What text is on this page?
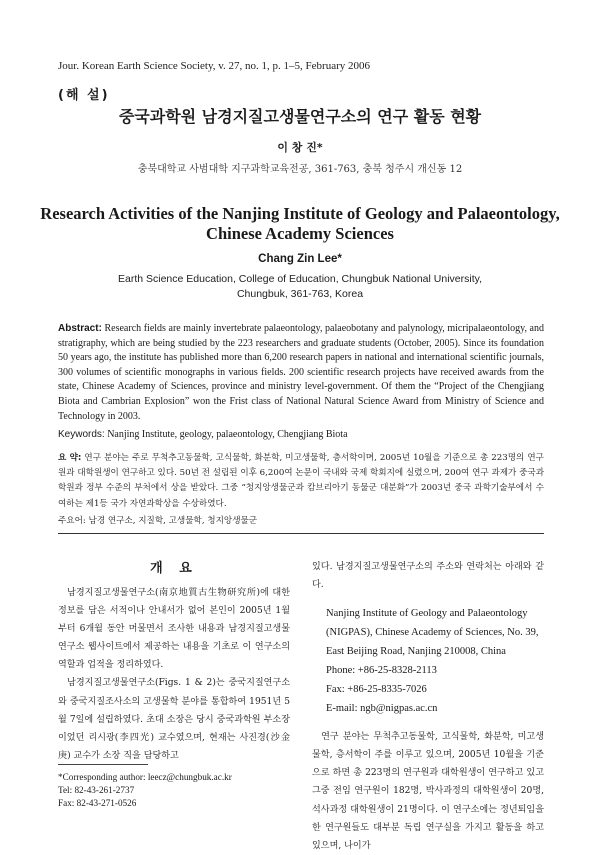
Jour. Korean Earth Science Society, v. 27, no. 1, p. 1–5, February 2006
(해 설)
중국과학원 남경지질고생물연구소의 연구 활동 현황
이 창 진*
충북대학교 사범대학 지구과학교육전공, 361-763, 충북 청주시 개신동 12
Research Activities of the Nanjing Institute of Geology and Palaeontology, Chinese Academy Sciences
Chang Zin Lee*
Earth Science Education, College of Education, Chungbuk National University,
Chungbuk, 361-763, Korea
Abstract: Research fields are mainly invertebrate palaeontology, palaeobotany and palynology, micripalaeontology, and stratigraphy, which are being studied by the 223 researchers and graduate students (October, 2005). Since its foundation 50 years ago, the institute has published more than 6,200 research papers in national and international scientific journals, 300 volumes of scientific monographs in various fields. 200 scientific research projects have received awards from the state, Chinese Academy of Sciences, province and ministry level-government. Of them the “Project of the Chengjiang Biota and Cambrian Explosion” won the Frist class of National Natural Science Award from Ministry of Science and Technology in 2003.
Keywords: Nanjing Institute, geology, palaeontology, Chengjiang Biota
요 약: 연구 분야는 주로 무척추고동물학, 고식물학, 화분학, 미고생물학, 층서학이며, 2005년 10월을 기준으로 총 223명의 연구원과 대학원생이 연구하고 있다. 50년 전 설립된 이후 6,200여 논문이 국내와 국제 학회지에 실렸으며, 200여 연구 과제가 중국과학원과 정부 수준의 부처에서 상을 받았다. 그중 “청지앙생물군과 캄브리아기 동물군 대분화”가 2003년 중국 과학기술부에서 수여하는 제1등 국가 자연과학상을 수상하였다.
주요어: 남경 연구소, 지질학, 고생물학, 청지앙생물군
개 요

남경지질고생물연구소(南京地質古生物研究所)에 대한 정보를 담은 서적이나 안내서가 없어 본인이 2005년 1월부터 6개월 동안 머물면서 조사한 내용과 남경지질고생물연구소 웹사이트에서 제공하는 내용을 기초로 이 연구소의 역할과 업적을 정리하였다.

남경지질고생물연구소(Figs. 1 & 2)는 중국지질연구소와 중국지질조사소의 고생물학 분야를 통합하여 1951년 5월 7일에 설립하였다. 초대 소장은 당시 중국과학원 부소장이었던 리시광(李四光) 교수였으며, 현재는 사진경(沙金庚) 교수가 소장 직을 담당하고

있다. 남경지질고생물연구소의 주소와 연락처는 아래와 같다.

Nanjing Institute of Geology and Palaeontology
(NIGPAS), Chinese Academy of Sciences, No. 39,
East Beijing Road, Nanjing 210008, China
Phone: +86-25-8328-2113
Fax: +86-25-8335-7026
E-mail: ngb@nigpas.ac.cn

연구 분야는 무척추고동물학, 고식물학, 화분학, 미고생물학, 층서학이 주를 이루고 있으며, 2005년 10월을 기준으로 하면 총 223명의 연구원과 대학원생이 연구하고 있고 그중 전임 연구원이 182명, 박사과정의 대학원생이 20명, 석사과정 대학원생이 21명이다. 이 연구소에는 정년퇴임을 한 연구원들도 대부분 독립 연구실을 가지고 활동을 하고 있으며, 나이가

*Corresponding author: leecz@chungbuk.ac.kr
Tel: 82-43-261-2737
Fax: 82-43-271-0526
